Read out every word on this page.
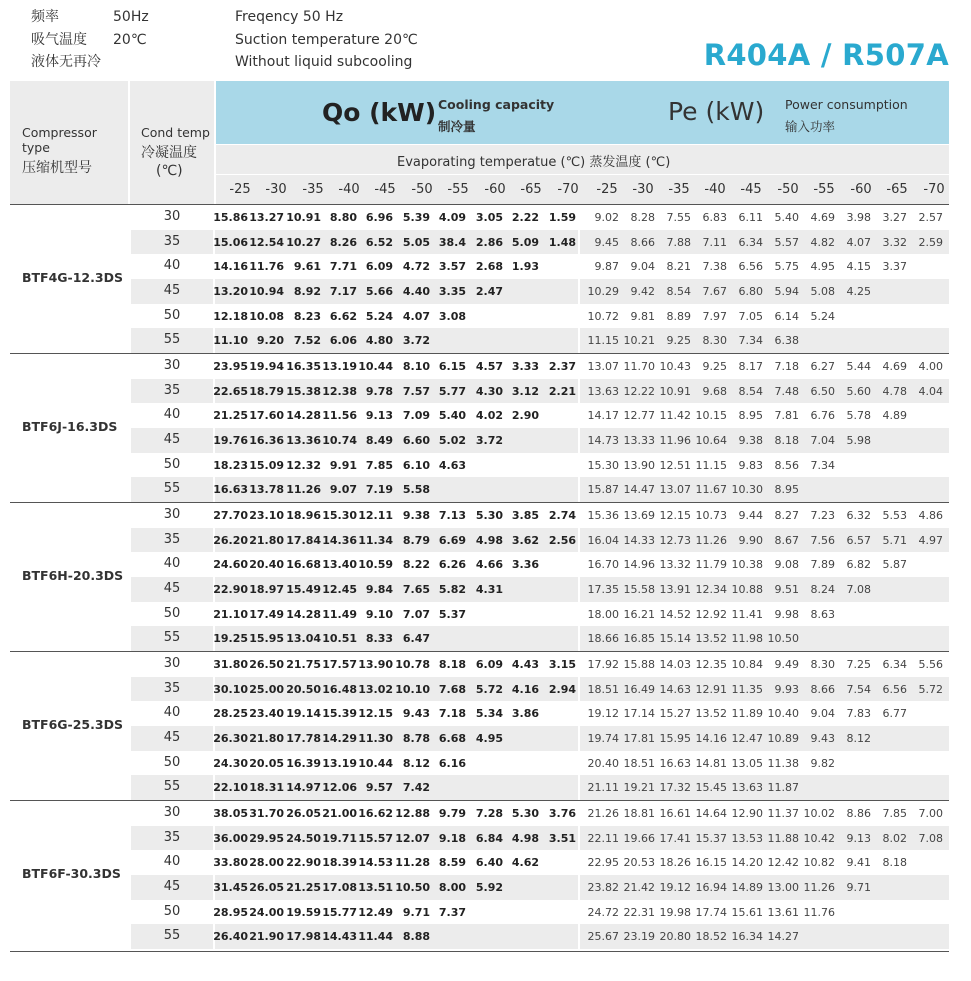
频率	50Hz
吸气温度	20℃
液体无再冷
Freqency 50 Hz
Suction temperature 20℃
Without liquid subcooling	R404A / R507A
Compressor type
压缩机型号
Cond temp
冷凝温度
(℃)
Qo (kW) Cooling capacity
制冷量
Pe (kW) Power consumption
输入功率
Evaporating temperatue (℃) 蒸发温度 (℃)
-25	-30	-35	-40	-45	-50	-55	-60	-65	-70	-25	-30	-35	-40	-45	-50	-55	-60	-65	-70
BTF4G-12.3DS
30	15.86 13.27 10.91 8.80 6.96 5.39 4.09 3.05 2.22 1.59	9.02	8.28	7.55	6.83	6.11	5.40	4.69	3.98	3.27	2.57
35	15.06 12.54 10.27 8.26 6.52 5.05 38.4 2.86 5.09 1.48	9.45	8.66	7.88	7.11	6.34	5.57	4.82	4.07	3.32	2.59
40	14.16 11.76 9.61 7.71 6.09 4.72 3.57 2.68 1.93	9.87	9.04	8.21	7.38	6.56	5.75	4.95	4.15	3.37
45	13.20 10.94 8.92 7.17 5.66 4.40 3.35 2.47	10.29	9.42	8.54	7.67	6.80	5.94	5.08	4.25
50	12.18 10.08 8.23 6.62 5.24 4.07 3.08	10.72	9.81	8.89	7.97	7.05	6.14	5.24
55	11.10 9.20 7.52 6.06 4.80 3.72	11.15 10.21	9.25	8.30	7.34	6.38
BTF6J-16.3DS
30	23.95 19.94 16.35 13.19 10.44 8.10 6.15 4.57 3.33 2.37	13.07 11.70 10.43	9.25	8.17	7.18	6.27	5.44	4.69	4.00
35	22.65 18.79 15.38 12.38 9.78 7.57 5.77 4.30 3.12 2.21	13.63 12.22 10.91	9.68	8.54	7.48	6.50	5.60	4.78	4.04
40	21.25 17.60 14.28 11.56 9.13 7.09 5.40 4.02 2.90	14.17 12.77 11.42 10.15	8.95	7.81	6.76	5.78	4.89
45	19.76 16.36 13.36 10.74 8.49 6.60 5.02 3.72	14.73 13.33 11.96 10.64	9.38	8.18	7.04	5.98
50	18.23 15.09 12.32 9.91 7.85 6.10 4.63	15.30 13.90 12.51 11.15	9.83	8.56	7.34
55	16.63 13.78 11.26 9.07 7.19 5.58	15.87 14.47 13.07 11.67 10.30	8.95
BTF6H-20.3DS
30	27.70 23.10 18.96 15.30 12.11 9.38 7.13 5.30 3.85 2.74	15.36 13.69 12.15 10.73	9.44	8.27	7.23	6.32	5.53	4.86
35	26.20 21.80 17.84 14.36 11.34 8.79 6.69 4.98 3.62 2.56	16.04 14.33 12.73 11.26	9.90	8.67	7.56	6.57	5.71	4.97
40	24.60 20.40 16.68 13.40 10.59 8.22 6.26 4.66 3.36	16.70 14.96 13.32 11.79 10.38	9.08	7.89	6.82	5.87
45	22.90 18.97 15.49 12.45 9.84 7.65 5.82 4.31	17.35 15.58 13.91 12.34 10.88	9.51	8.24	7.08
50	21.10 17.49 14.28 11.49 9.10 7.07 5.37	18.00 16.21 14.52 12.92 11.41	9.98	8.63
55	19.25 15.95 13.04 10.51 8.33 6.47	18.66 16.85 15.14 13.52 11.98 10.50
BTF6G-25.3DS
30	31.80 26.50 21.75 17.57 13.90 10.78 8.18 6.09 4.43 3.15	17.92 15.88 14.03 12.35 10.84	9.49	8.30	7.25	6.34	5.56
35	30.10 25.00 20.50 16.48 13.02 10.10 7.68 5.72 4.16 2.94	18.51 16.49 14.63 12.91 11.35	9.93	8.66	7.54	6.56	5.72
40	28.25 23.40 19.14 15.39 12.15 9.43 7.18 5.34 3.86	19.12 17.14 15.27 13.52 11.89 10.40	9.04	7.83	6.77
45	26.30 21.80 17.78 14.29 11.30 8.78 6.68 4.95	19.74 17.81 15.95 14.16 12.47 10.89	9.43	8.12
50	24.30 20.05 16.39 13.19 10.44 8.12 6.16	20.40 18.51 16.63 14.81 13.05 11.38	9.82
55	22.10 18.31 14.97 12.06 9.57 7.42	21.11 19.21 17.32 15.45 13.63 11.87
BTF6F-30.3DS
30	38.05 31.70 26.05 21.00 16.62 12.88 9.79 7.28 5.30 3.76	21.26 18.81 16.61 14.64 12.90 11.37 10.02	8.86	7.85	7.00
35	36.00 29.95 24.50 19.71 15.57 12.07 9.18 6.84 4.98 3.51	22.11 19.66 17.41 15.37 13.53 11.88 10.42	9.13	8.02	7.08
40	33.80 28.00 22.90 18.39 14.53 11.28 8.59 6.40 4.62	22.95 20.53 18.26 16.15 14.20 12.42 10.82	9.41	8.18
45	31.45 26.05 21.25 17.08 13.51 10.50 8.00 5.92	23.82 21.42 19.12 16.94 14.89 13.00 11.26	9.71
50	28.95 24.00 19.59 15.77 12.49 9.71 7.37	24.72 22.31 19.98 17.74 15.61 13.61 11.76
55	26.40 21.90 17.98 14.43 11.44 8.88	25.67 23.19 20.80 18.52 16.34 14.27
